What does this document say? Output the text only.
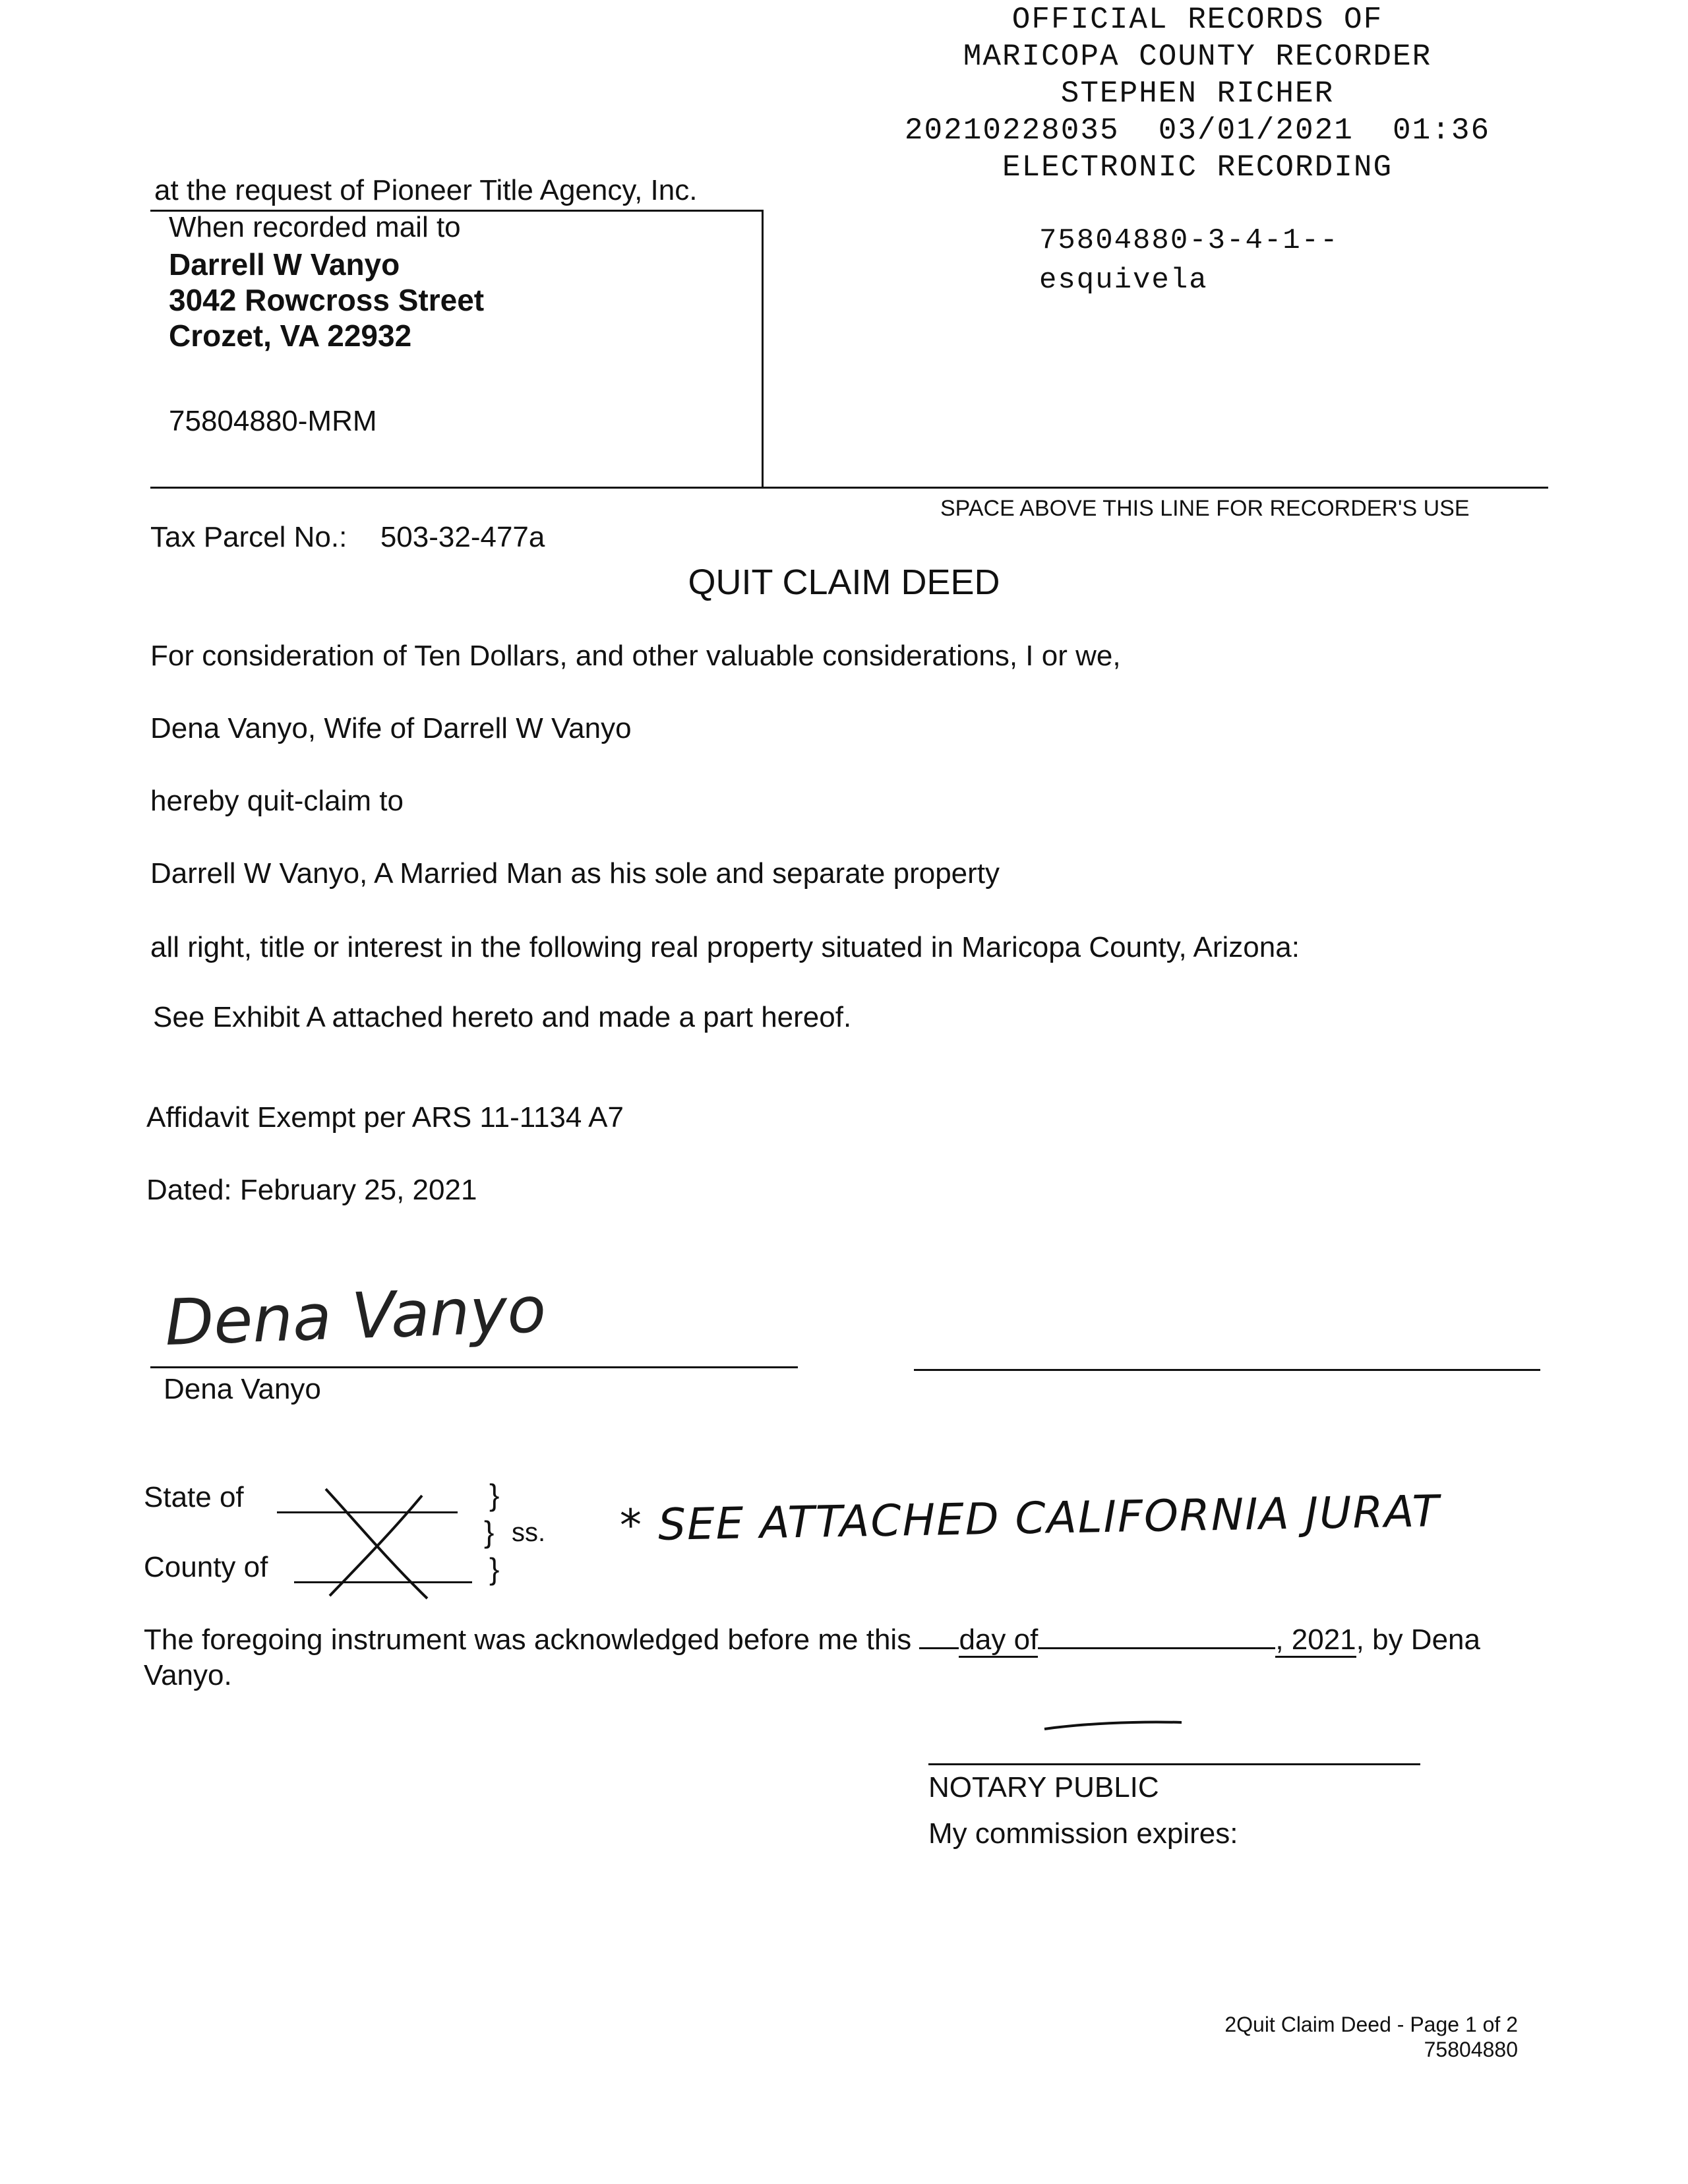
OFFICIAL RECORDS OF
MARICOPA COUNTY RECORDER
STEPHEN RICHER
20210228035  03/01/2021  01:36
ELECTRONIC RECORDING
75804880-3-4-1--
esquivela
at the request of Pioneer Title Agency, Inc.
When recorded mail to
Darrell W Vanyo
3042 Rowcross Street
Crozet, VA 22932
75804880-MRM
SPACE ABOVE THIS LINE FOR RECORDER'S USE
Tax Parcel No.: 503-32-477a
QUIT CLAIM DEED
For consideration of Ten Dollars, and other valuable considerations, I or we,
Dena Vanyo, Wife of Darrell W Vanyo
hereby quit-claim to
Darrell W Vanyo, A Married Man as his sole and separate property
all right, title or interest in the following real property situated in Maricopa County, Arizona:
See Exhibit A attached hereto and made a part hereof.
Affidavit Exempt per ARS 11-1134 A7
Dated: February 25, 2021
Dena Vanyo
Dena Vanyo
State of
County of
}
}
}
ss. * SEE ATTACHED CALIFORNIA JURAT
The foregoing instrument was acknowledged before me this day of	, 2021, by Dena
Vanyo.
NOTARY PUBLIC
My commission expires:
2Quit Claim Deed - Page 1 of 2
75804880
